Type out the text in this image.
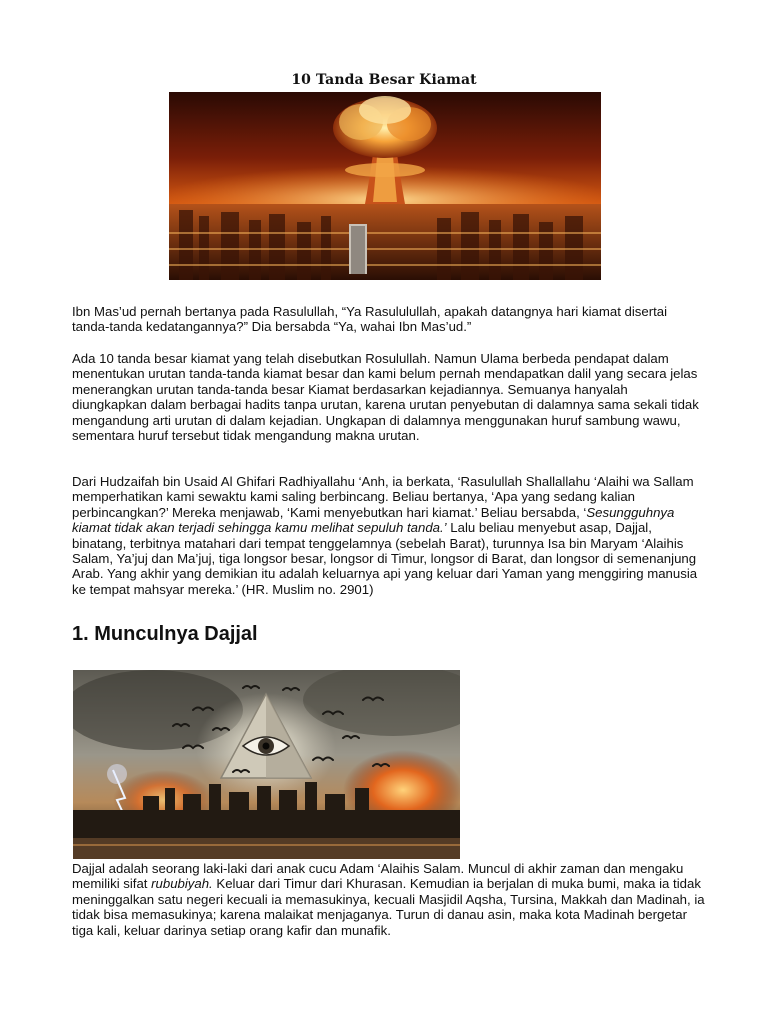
10 Tanda Besar Kiamat

Ibn Mas’ud pernah bertanya pada Rasulullah, “Ya Rasululullah, apakah datangnya hari kiamat disertai tanda-tanda kedatangannya?” Dia bersabda “Ya, wahai Ibn Mas’ud.”

Ada 10 tanda besar kiamat yang telah disebutkan Rosulullah. Namun Ulama berbeda pendapat dalam menentukan urutan tanda-tanda kiamat besar dan kami belum pernah mendapatkan dalil yang secara jelas menerangkan urutan tanda-tanda besar Kiamat berdasarkan kejadiannya. Semuanya hanyalah diungkapkan dalam berbagai hadits tanpa urutan, karena urutan penyebutan di dalamnya sama sekali tidak mengandung arti urutan di dalam kejadian. Ungkapan di dalamnya menggunakan huruf sambung wawu, sementara huruf tersebut tidak mengandung makna urutan.

Dari Hudzaifah bin Usaid Al Ghifari Radhiyallahu ‘Anh, ia berkata, ‘Rasulullah Shallallahu ‘Alaihi wa Sallam memperhatikan kami sewaktu kami saling berbincang. Beliau bertanya, ‘Apa yang sedang kalian perbincangkan?’ Mereka menjawab, ‘Kami menyebutkan hari kiamat.’ Beliau bersabda, ‘Sesungguhnya kiamat tidak akan terjadi sehingga kamu melihat sepuluh tanda.’ Lalu beliau menyebut asap, Dajjal, binatang, terbitnya matahari dari tempat tenggelamnya (sebelah Barat), turunnya Isa bin Maryam ‘Alaihis Salam, Ya’juj dan Ma’juj, tiga longsor besar, longsor di Timur, longsor di Barat, dan longsor di semenanjung Arab. Yang akhir yang demikian itu adalah keluarnya api yang keluar dari Yaman yang menggiring manusia ke tempat mahsyar mereka.’ (HR. Muslim no. 2901)

1. Munculnya Dajjal

Dajjal adalah seorang laki-laki dari anak cucu Adam ‘Alaihis Salam. Muncul di akhir zaman dan mengaku memiliki sifat rububiyah. Keluar dari Timur dari Khurasan. Kemudian ia berjalan di muka bumi, maka ia tidak meninggalkan satu negeri kecuali ia memasukinya, kecuali Masjidil Aqsha, Tursina, Makkah dan Madinah, ia tidak bisa memasukinya; karena malaikat menjaganya. Turun di danau asin, maka kota Madinah bergetar tiga kali, keluar darinya setiap orang kafir dan munafik.
